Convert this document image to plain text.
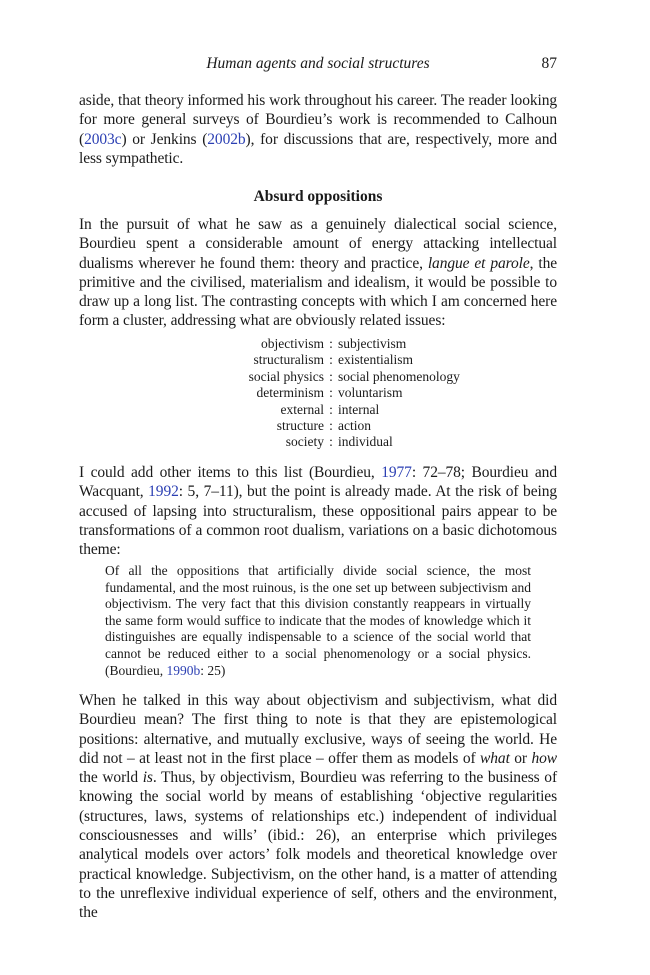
Human agents and social structures	87

aside, that theory informed his work throughout his career. The reader looking for more general surveys of Bourdieu’s work is recommended to Calhoun (2003c) or Jenkins (2002b), for discussions that are, respectively, more and less sympathetic.

Absurd oppositions

In the pursuit of what he saw as a genuinely dialectical social science, Bourdieu spent a considerable amount of energy attacking intellectual dualisms wherever he found them: theory and practice, langue et parole, the primitive and the civilised, materialism and idealism, it would be possible to draw up a long list. The contrasting concepts with which I am concerned here form a cluster, addressing what are obviously related issues:

objectivism : subjectivism
structuralism : existentialism
social physics : social phenomenology
determinism : voluntarism
external : internal
structure : action
society : individual

I could add other items to this list (Bourdieu, 1977: 72–78; Bourdieu and Wacquant, 1992: 5, 7–11), but the point is already made. At the risk of being accused of lapsing into structuralism, these oppositional pairs appear to be transformations of a common root dualism, variations on a basic dichotomous theme:

Of all the oppositions that artificially divide social science, the most fundamental, and the most ruinous, is the one set up between subjectivism and objectivism. The very fact that this division constantly reappears in virtually the same form would suffice to indicate that the modes of knowledge which it distinguishes are equally indispensable to a science of the social world that cannot be reduced either to a social phenomenology or a social physics. (Bourdieu, 1990b: 25)

When he talked in this way about objectivism and subjectivism, what did Bourdieu mean? The first thing to note is that they are epistemological positions: alternative, and mutually exclusive, ways of seeing the world. He did not – at least not in the first place – offer them as models of what or how the world is. Thus, by objectivism, Bourdieu was referring to the business of knowing the social world by means of establishing ‘objective regularities (structures, laws, systems of relationships etc.) independent of individual consciousnesses and wills’ (ibid.: 26), an enterprise which privileges analytical models over actors’ folk models and theoretical knowledge over practical knowledge. Subjectivism, on the other hand, is a matter of attending to the unreflexive individual experience of self, others and the environment, the
